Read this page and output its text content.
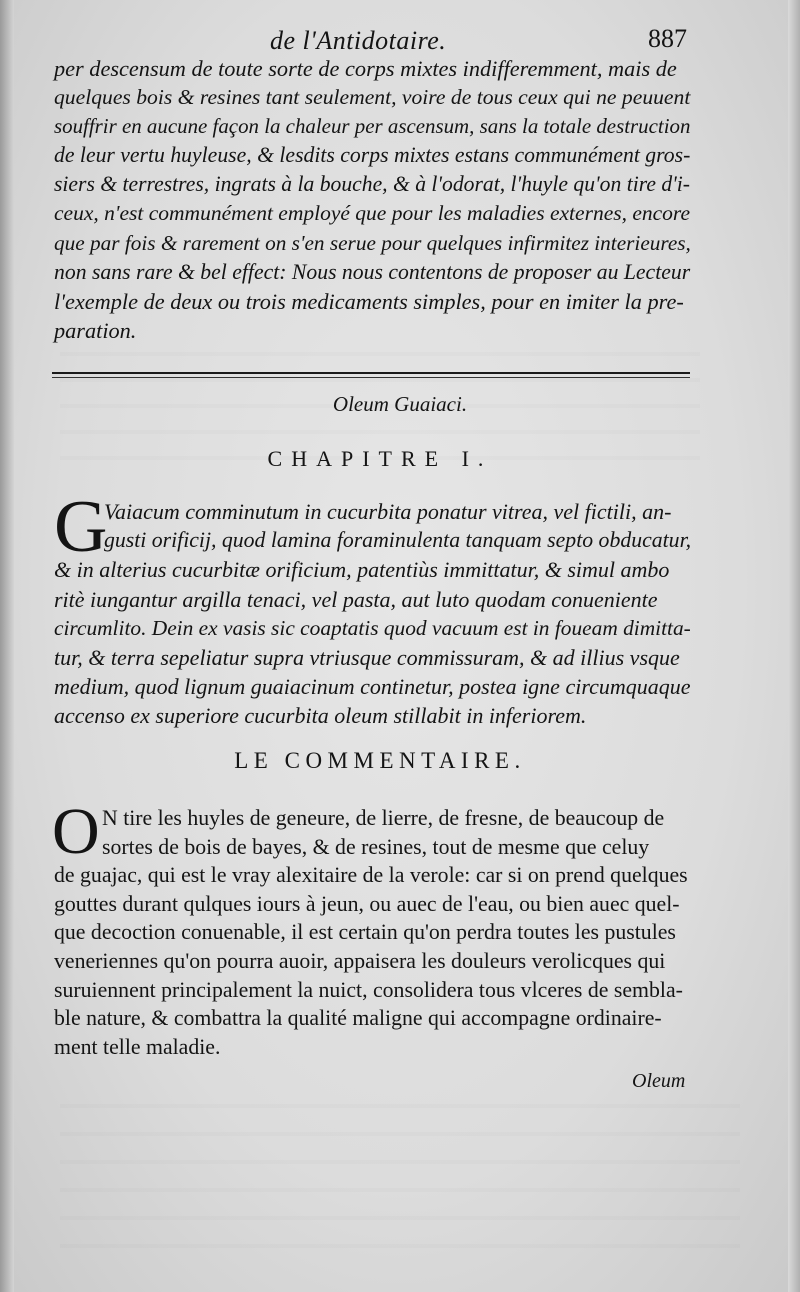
de l'Antidotaire.	887
per descensum de toute sorte de corps mixtes indifferemment, mais de
quelques bois & resines tant seulement, voire de tous ceux qui ne peuuent
souffrir en aucune façon la chaleur per ascensum, sans la totale destruction
de leur vertu huyleuse, & lesdits corps mixtes estans communément gros-
siers & terrestres, ingrats à la bouche, & à l'odorat, l'huyle qu'on tire d'i-
ceux, n'est communément employé que pour les maladies externes, encore
que par fois & rarement on s'en serue pour quelques infirmitez interieures,
non sans rare & bel effect: Nous nous contentons de proposer au Lecteur
l'exemple de deux ou trois medicaments simples, pour en imiter la pre-
paration.
Oleum Guaiaci.
CHAPITRE I.
G
Vaiacum comminutum in cucurbita ponatur vitrea, vel fictili, an-
gusti orificij, quod lamina foraminulenta tanquam septo obducatur,
& in alterius cucurbitæ orificium, patentiùs immittatur, & simul ambo
ritè iungantur argilla tenaci, vel pasta, aut luto quodam conueniente
circumlito. Dein ex vasis sic coaptatis quod vacuum est in foueam dimitta-
tur, & terra sepeliatur supra vtriusque commissuram, & ad illius vsque
medium, quod lignum guaiacinum continetur, postea igne circumquaque
accenso ex superiore cucurbita oleum stillabit in inferiorem.
LE COMMENTAIRE.
O N tire les huyles de geneure, de lierre, de fresne, de beaucoup de
sortes de bois de bayes, & de resines, tout de mesme que celuy
de guajac, qui est le vray alexitaire de la verole: car si on prend quelques
gouttes durant qulques iours à jeun, ou auec de l'eau, ou bien auec quel-
que decoction conuenable, il est certain qu'on perdra toutes les pustules
veneriennes qu'on pourra auoir, appaisera les douleurs verolicques qui
suruiennent principalement la nuict, consolidera tous vlceres de sembla-
ble nature, & combattra la qualité maligne qui accompagne ordinaire-
ment telle maladie.
Oleum
